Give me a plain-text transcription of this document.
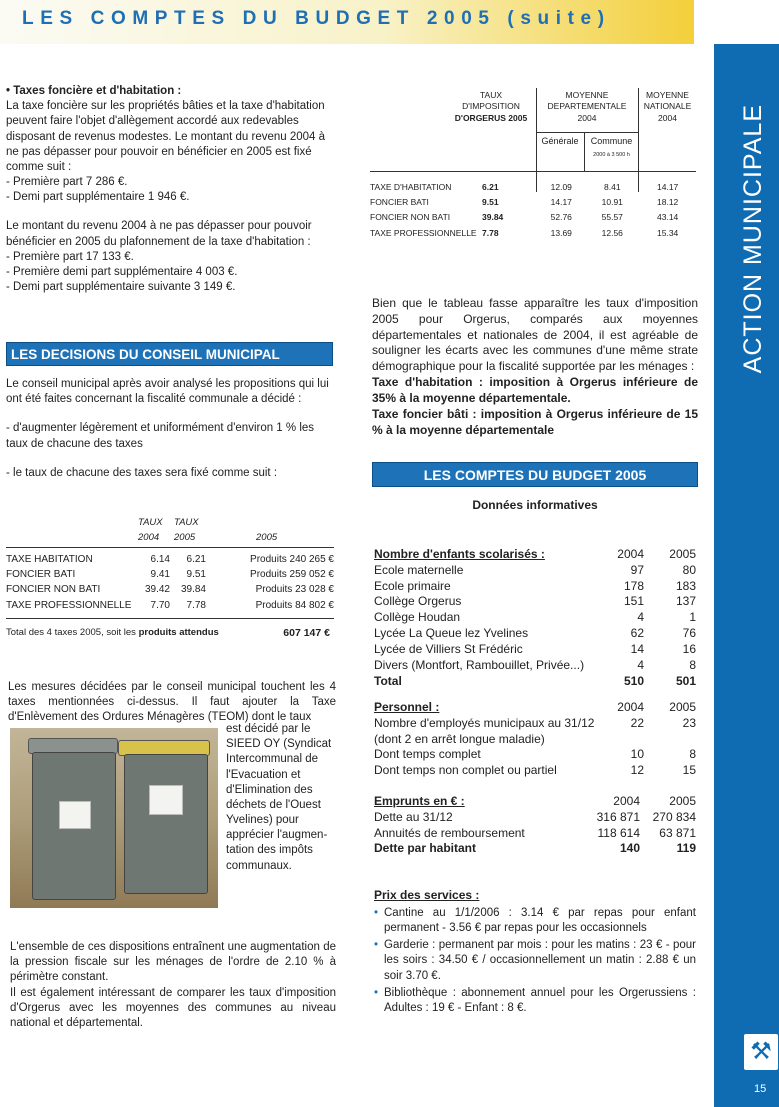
LES COMPTES DU BUDGET 2005 (suite)
ACTION MUNICIPALE
⚒
15

• Taxes foncière et d'habitation :

La taxe foncière sur les propriétés bâties et la taxe d'habitation peuvent faire l'objet d'allègement accordé aux redevables disposant de revenus modestes. Le montant du revenu 2004 à ne pas dépasser pour pouvoir en bénéficier en 2005 est fixé comme suit :

- Première part 7 286 €.

- Demi part supplémentaire 1 946 €.

Le montant du revenu 2004 à ne pas dépasser pour pouvoir bénéficier en 2005 du plafonnement de la taxe d'habitation :

- Première part 17 133 €.

- Première demi part supplémentaire 4 003 €.

- Demi part supplémentaire suivante 3 149 €.

LES DECISIONS DU CONSEIL MUNICIPAL

Le conseil municipal après avoir analysé les propositions qui lui ont été faites concernant la fiscalité communale a décidé :

- d'augmenter légèrement et uniformément d'environ 1 % les taux de chacune des taxes

- le taux de chacune des taxes sera fixé comme suit :

TAUX TAUX
2004 2005	2005
TAXE HABITATION	6.14	6.21	Produits 240 265 €
FONCIER BATI	9.41	9.51	Produits 259 052 €
FONCIER NON BATI	39.42	39.84	Produits 23 028 €
TAXE PROFESSIONNELLE	7.70	7.78	Produits 84 802 €
Total des 4 taxes 2005, soit les produits attendus	607 147 €
Les mesures décidées par le conseil municipal touchent les 4 taxes mentionnées ci-dessus. Il faut ajouter la Taxe d'Enlèvement des Ordures Ménagères (TEOM) dont le taux

est décidé par le

SIEED OY (Syndicat

Intercommunal de

l'Evacuation et

d'Elimination des

déchets de l'Ouest

Yvelines) pour

apprécier l'augmen-

tation des impôts

communaux.

L'ensemble de ces dispositions entraînent une augmentation de la pression fiscale sur les ménages de l'ordre de 2.10 % à périmètre constant.

Il est également intéressant de comparer les taux d'imposition d'Orgerus avec les moyennes des communes au niveau national et départemental.

TAUX
D'IMPOSITION
D'ORGERUS 2005
MOYENNE
DEPARTEMENTALE
2004
MOYENNE
NATIONALE
2004
Générale	Commune
2000 à 3 500 h
TAXE D'HABITATION	6.21		12.09	8.41	14.17
FONCIER BATI	9.51		14.17	10.91	18.12
FONCIER NON BATI	39.84		52.76	55.57	43.14
TAXE PROFESSIONNELLE	7.78		13.69	12.56	15.34

Bien que le tableau fasse apparaître les taux d'imposition 2005 pour Orgerus, comparés aux moyennes départementales et nationales de 2004, il est agréable de souligner les écarts avec les communes d'une même strate démographique pour la fiscalité supportée par les ménages :

Taxe d'habitation : imposition à Orgerus inférieure de 35% à la moyenne départementale.

Taxe foncier bâti : imposition à Orgerus inférieure de 15 % à la moyenne départementale

LES COMPTES DU BUDGET 2005
Données informatives
Nombre d'enfants scolarisés :	2004	2005
Ecole maternelle	97	80
Ecole primaire	178	183
Collège Orgerus	151	137
Collège Houdan	4	1
Lycée La Queue lez Yvelines	62	76
Lycée de Villiers St Frédéric	14	16
Divers (Montfort, Rambouillet, Privée...)	4	8
Total	510	501
Personnel :	2004	2005
Nombre d'employés municipaux au 31/12	22	23
(dont 2 en arrêt longue maladie)		
Dont temps complet	10	8
Dont temps non complet ou partiel	12	15
Emprunts en € :	2004	2005
Dette au 31/12	316 871	270 834
Annuités de remboursement	118 614	63 871
Dette par habitant	140	119

Prix des services :

• Cantine au 1/1/2006 : 3.14 € par repas pour enfant permanent - 3.56 € par repas pour les occasionnels
• Garderie : permanent par mois : pour les matins : 23 € - pour les soirs : 34.50 € / occasionnellement un matin : 2.88 € un soir 3.70 €.
• Bibliothèque : abonnement annuel pour les Orgerussiens : Adultes : 19 € - Enfant : 8 €.
